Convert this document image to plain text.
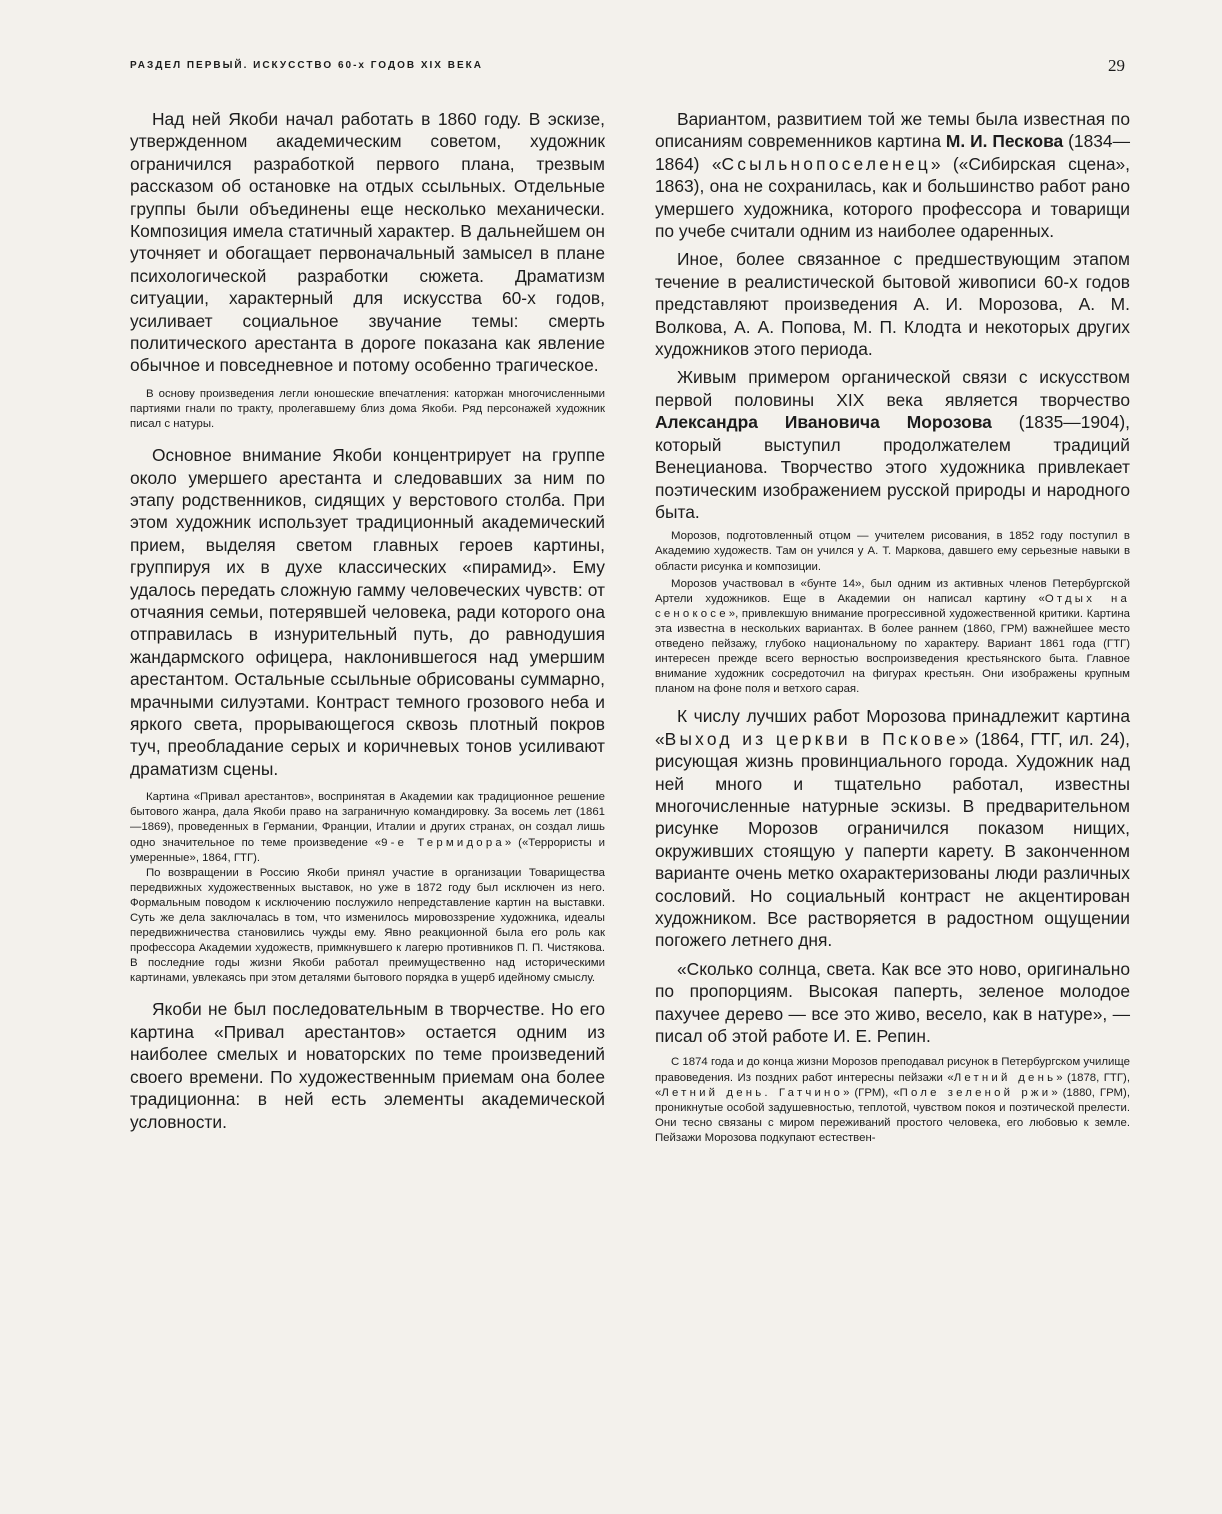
РАЗДЕЛ ПЕРВЫЙ. ИСКУССТВО 60-х ГОДОВ XIX ВЕКА	29

Над ней Якоби начал работать в 1860 году. В эскизе, утвержденном академическим советом, художник ограничился разработкой первого плана, трезвым рассказом об остановке на отдых ссыльных. Отдельные группы были объединены еще несколько механически. Композиция имела статичный характер. В дальнейшем он уточняет и обогащает первоначальный замысел в плане психологической разработки сюжета. Драматизм ситуации, характерный для искусства 60-х годов, усиливает социальное звучание темы: смерть политического арестанта в дороге показана как явление обычное и повседневное и потому особенно трагическое.

В основу произведения легли юношеские впечатления: каторжан многочисленными партиями гнали по тракту, пролегавшему близ дома Якоби. Ряд персонажей художник писал с натуры.

Основное внимание Якоби концентрирует на группе около умершего арестанта и следовавших за ним по этапу родственников, сидящих у верстового столба. При этом художник использует традиционный академический прием, выделяя светом главных героев картины, группируя их в духе классических «пирамид». Ему удалось передать сложную гамму человеческих чувств: от отчаяния семьи, потерявшей человека, ради которого она отправилась в изнурительный путь, до равнодушия жандармского офицера, наклонившегося над умершим арестантом. Остальные ссыльные обрисованы суммарно, мрачными силуэтами. Контраст темного грозового неба и яркого света, прорывающегося сквозь плотный покров туч, преобладание серых и коричневых тонов усиливают драматизм сцены.

Картина «Привал арестантов», воспринятая в Академии как традиционное решение бытового жанра, дала Якоби право на заграничную командировку. За восемь лет (1861—1869), проведенных в Германии, Франции, Италии и других странах, он создал лишь одно значительное по теме произведение «9-е Термидора» («Террористы и умеренные», 1864, ГТГ).

По возвращении в Россию Якоби принял участие в организации Товарищества передвижных художественных выставок, но уже в 1872 году был исключен из него. Формальным поводом к исключению послужило непредставление картин на выставки. Суть же дела заключалась в том, что изменилось мировоззрение художника, идеалы передвижничества становились чужды ему. Явно реакционной была его роль как профессора Академии художеств, примкнувшего к лагерю противников П. П. Чистякова. В последние годы жизни Якоби работал преимущественно над историческими картинами, увлекаясь при этом деталями бытового порядка в ущерб идейному смыслу.

Якоби не был последовательным в творчестве. Но его картина «Привал арестантов» остается одним из наиболее смелых и новаторских по теме произведений своего времени. По художественным приемам она более традиционна: в ней есть элементы академической условности.

Вариантом, развитием той же темы была известная по описаниям современников картина М. И. Пескова (1834—1864) «Ссыльнопоселенец» («Сибирская сцена», 1863), она не сохранилась, как и большинство работ рано умершего художника, которого профессора и товарищи по учебе считали одним из наиболее одаренных.

Иное, более связанное с предшествующим этапом течение в реалистической бытовой живописи 60-х годов представляют произведения А. И. Морозова, А. М. Волкова, А. А. Попова, М. П. Клодта и некоторых других художников этого периода.

Живым примером органической связи с искусством первой половины XIX века является творчество Александра Ивановича Морозова (1835—1904), который выступил продолжателем традиций Венецианова. Творчество этого художника привлекает поэтическим изображением русской природы и народного быта.

Морозов, подготовленный отцом — учителем рисования, в 1852 году поступил в Академию художеств. Там он учился у А. Т. Маркова, давшего ему серьезные навыки в области рисунка и композиции.

Морозов участвовал в «бунте 14», был одним из активных членов Петербургской Артели художников. Еще в Академии он написал картину «Отдых на сенокосе», привлекшую внимание прогрессивной художественной критики. Картина эта известна в нескольких вариантах. В более раннем (1860, ГРМ) важнейшее место отведено пейзажу, глубоко национальному по характеру. Вариант 1861 года (ГТГ) интересен прежде всего верностью воспроизведения крестьянского быта. Главное внимание художник сосредоточил на фигурах крестьян. Они изображены крупным планом на фоне поля и ветхого сарая.

К числу лучших работ Морозова принадлежит картина «Выход из церкви в Пскове» (1864, ГТГ, ил. 24), рисующая жизнь провинциального города. Художник над ней много и тщательно работал, известны многочисленные натурные эскизы. В предварительном рисунке Морозов ограничился показом нищих, окруживших стоящую у паперти карету. В законченном варианте очень метко охарактеризованы люди различных сословий. Но социальный контраст не акцентирован художником. Все растворяется в радостном ощущении погожего летнего дня.

«Сколько солнца, света. Как все это ново, оригинально по пропорциям. Высокая паперть, зеленое молодое пахучее дерево — все это живо, весело, как в натуре», — писал об этой работе И. Е. Репин.

С 1874 года и до конца жизни Морозов преподавал рисунок в Петербургском училище правоведения. Из поздних работ интересны пейзажи «Летний день» (1878, ГТГ), «Летний день. Гатчино» (ГРМ), «Поле зеленой ржи» (1880, ГРМ), проникнутые особой задушевностью, теплотой, чувством покоя и поэтической прелести. Они тесно связаны с миром переживаний простого человека, его любовью к земле. Пейзажи Морозова подкупают естествен-
